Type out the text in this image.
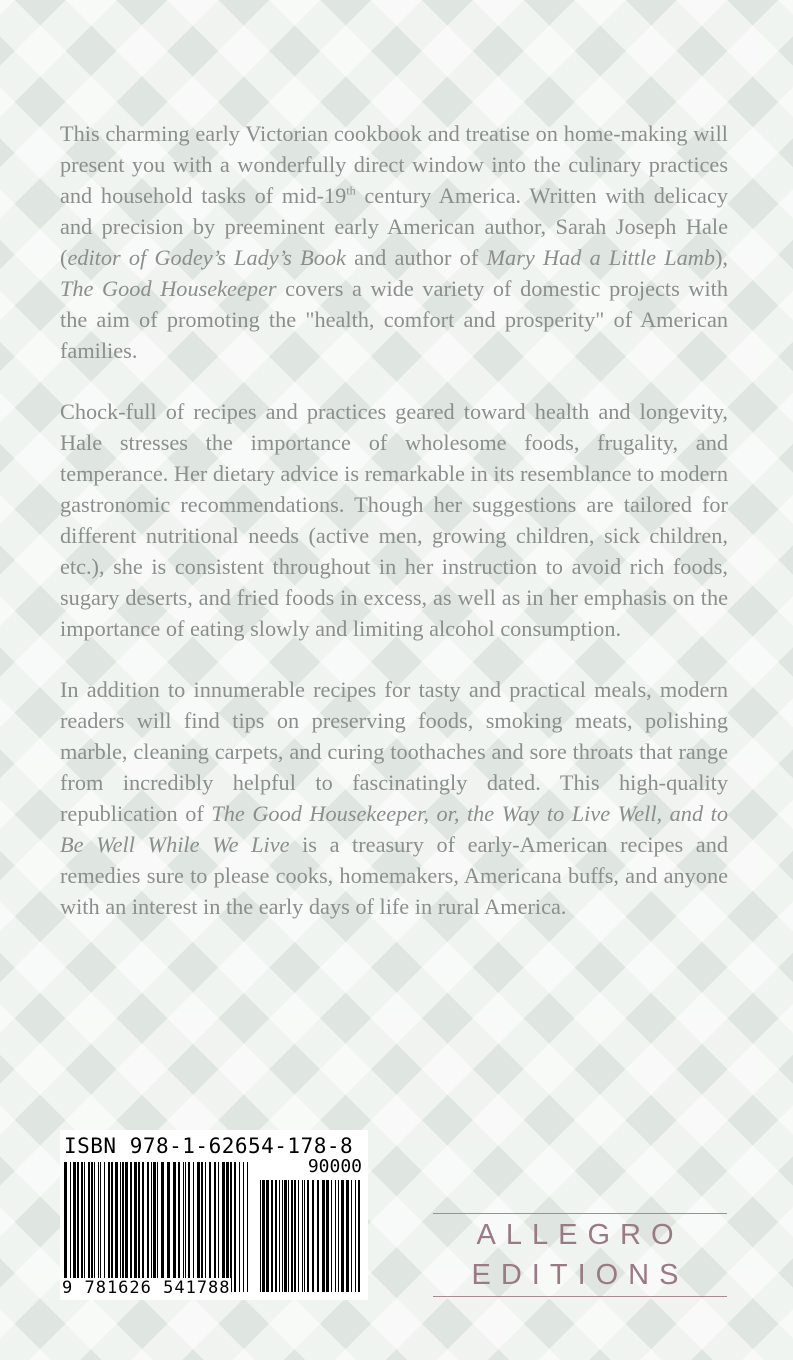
This charming early Victorian cookbook and treatise on home-making will present you with a wonderfully direct window into the culinary practices and household tasks of mid-19th century America. Written with delicacy and precision by preeminent early American author, Sarah Joseph Hale (editor of Godey’s Lady’s Book and author of Mary Had a Little Lamb), The Good Housekeeper covers a wide variety of domestic projects with the aim of promoting the "health, comfort and prosperity" of American families.

Chock-full of recipes and practices geared toward health and longevity, Hale stresses the importance of wholesome foods, frugality, and temperance. Her dietary advice is remarkable in its resemblance to modern gastronomic recommendations. Though her suggestions are tailored for different nutritional needs (active men, growing children, sick children, etc.), she is consistent throughout in her instruction to avoid rich foods, sugary deserts, and fried foods in excess, as well as in her emphasis on the importance of eating slowly and limiting alcohol consumption.

In addition to innumerable recipes for tasty and practical meals, modern readers will find tips on preserving foods, smoking meats, polishing marble, cleaning carpets, and curing toothaches and sore throats that range from incredibly helpful to fascinatingly dated. This high-quality republication of The Good Housekeeper, or, the Way to Live Well, and to Be Well While We Live is a treasury of early-American recipes and remedies sure to please cooks, homemakers, Americana buffs, and anyone with an interest in the early days of life in rural America.

ISBN 978-1-62654-178-8
90000
9 781626 541788
ALLEGRO
EDITIONS
